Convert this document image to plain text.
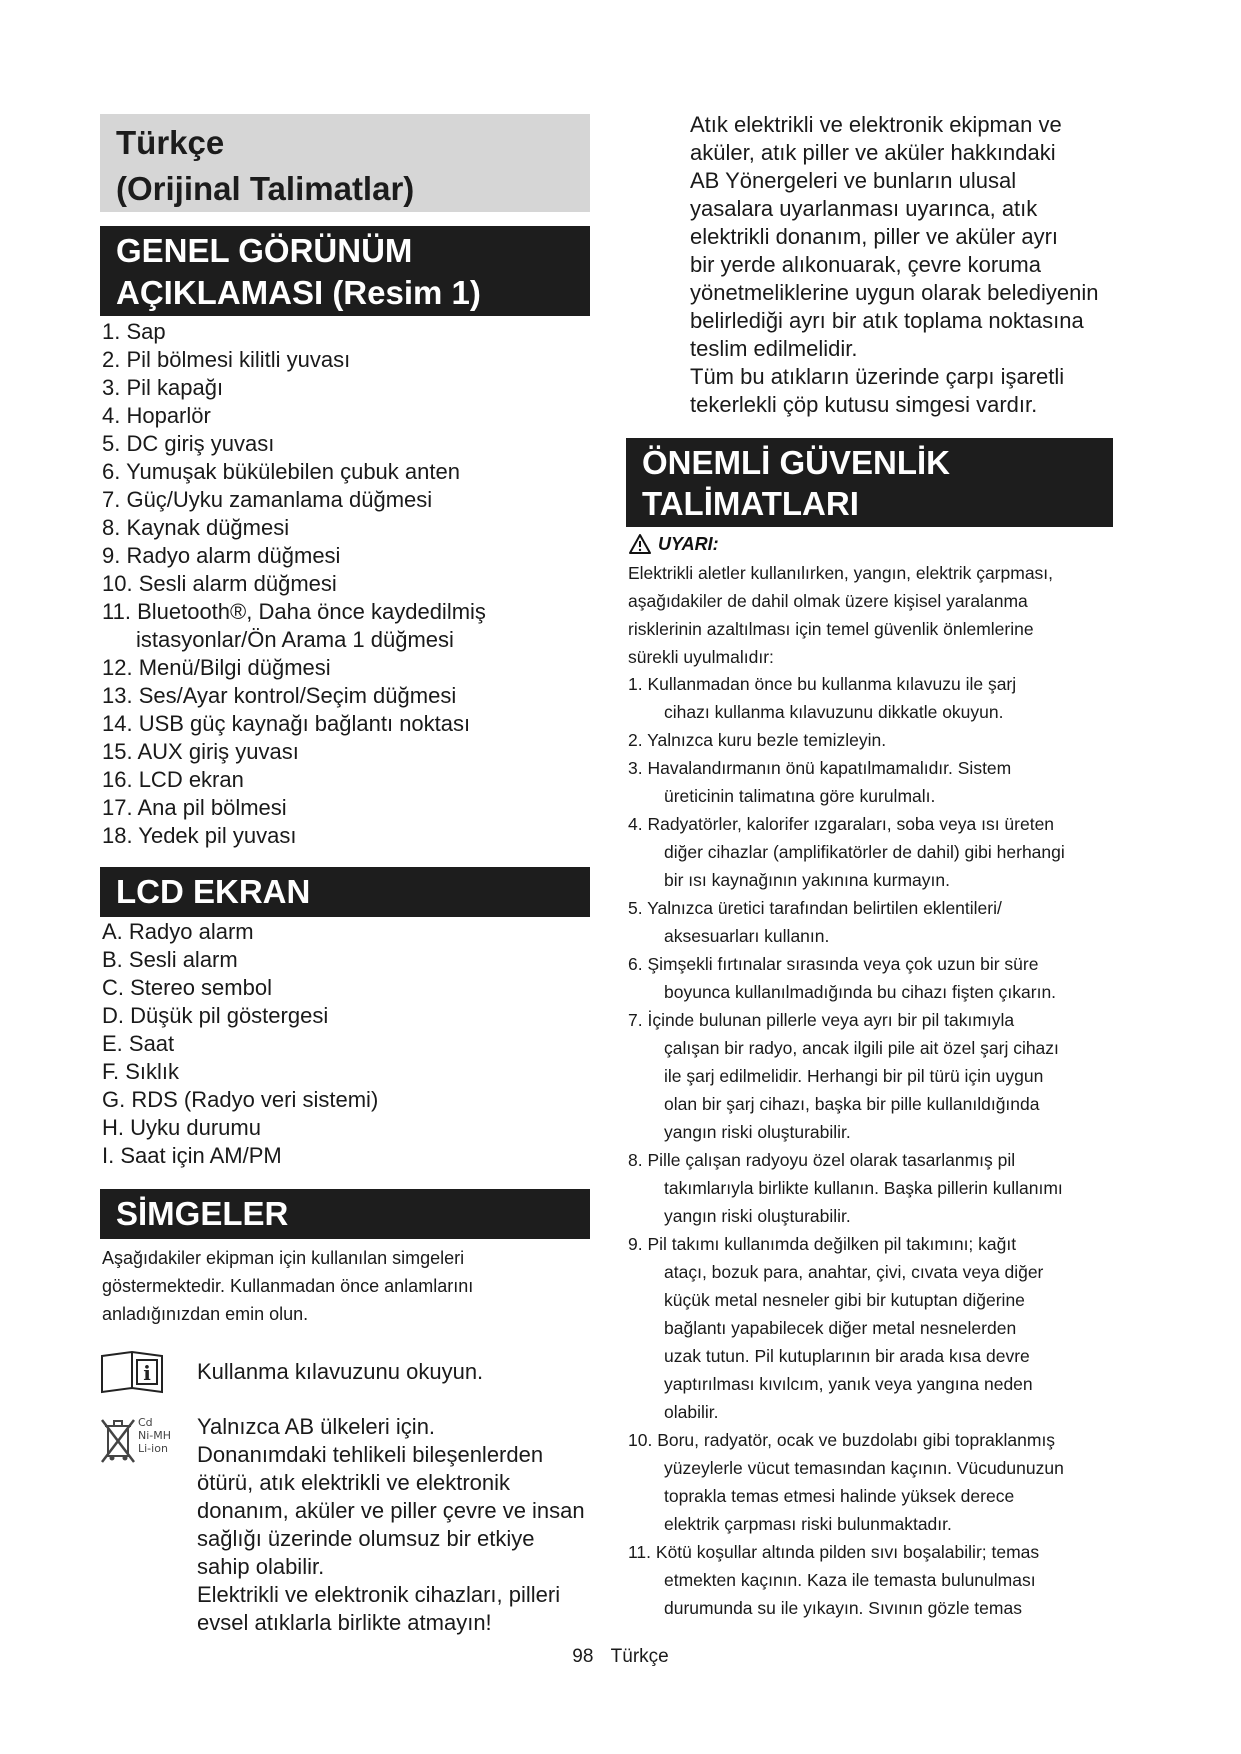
Türkçe
(Orijinal Talimatlar)
GENEL GÖRÜNÜM
AÇIKLAMASI (Resim 1)
1. Sap
2. Pil bölmesi kilitli yuvası
3. Pil kapağı
4. Hoparlör
5. DC giriş yuvası
6. Yumuşak bükülebilen çubuk anten
7. Güç/Uyku zamanlama düğmesi
8. Kaynak düğmesi
9. Radyo alarm düğmesi
10. Sesli alarm düğmesi
11. Bluetooth®, Daha önce kaydedilmiş
istasyonlar/Ön Arama 1 düğmesi
12. Menü/Bilgi düğmesi
13. Ses/Ayar kontrol/Seçim düğmesi
14. USB güç kaynağı bağlantı noktası
15. AUX giriş yuvası
16. LCD ekran
17. Ana pil bölmesi
18. Yedek pil yuvası
LCD EKRAN
A. Radyo alarm
B. Sesli alarm
C. Stereo sembol
D. Düşük pil göstergesi
E. Saat
F. Sıklık
G. RDS (Radyo veri sistemi)
H. Uyku durumu
I. Saat için AM/PM
SİMGELER
Aşağıdakiler ekipman için kullanılan simgeleri
göstermektedir. Kullanmadan önce anlamlarını
anladığınızdan emin olun.
i Kullanma kılavuzunu okuyun.
Cd
Ni-MH
Li-ion
Yalnızca AB ülkeleri için.
Donanımdaki tehlikeli bileşenlerden
ötürü, atık elektrikli ve elektronik
donanım, aküler ve piller çevre ve insan
sağlığı üzerinde olumsuz bir etkiye
sahip olabilir.
Elektrikli ve elektronik cihazları, pilleri
evsel atıklarla birlikte atmayın!
Atık elektrikli ve elektronik ekipman ve
aküler, atık piller ve aküler hakkındaki
AB Yönergeleri ve bunların ulusal
yasalara uyarlanması uyarınca, atık
elektrikli donanım, piller ve aküler ayrı
bir yerde alıkonuarak, çevre koruma
yönetmeliklerine uygun olarak belediyenin
belirlediği ayrı bir atık toplama noktasına
teslim edilmelidir.
Tüm bu atıkların üzerinde çarpı işaretli
tekerlekli çöp kutusu simgesi vardır.
ÖNEMLİ GÜVENLİK
TALİMATLARI
UYARI:
Elektrikli aletler kullanılırken, yangın, elektrik çarpması,
aşağıdakiler de dahil olmak üzere kişisel yaralanma
risklerinin azaltılması için temel güvenlik önlemlerine
sürekli uyulmalıdır:
1. Kullanmadan önce bu kullanma kılavuzu ile şarj
cihazı kullanma kılavuzunu dikkatle okuyun.
2. Yalnızca kuru bezle temizleyin.
3. Havalandırmanın önü kapatılmamalıdır. Sistem
üreticinin talimatına göre kurulmalı.
4. Radyatörler, kalorifer ızgaraları, soba veya ısı üreten
diğer cihazlar (amplifikatörler de dahil) gibi herhangi
bir ısı kaynağının yakınına kurmayın.
5. Yalnızca üretici tarafından belirtilen eklentileri/
aksesuarları kullanın.
6. Şimşekli fırtınalar sırasında veya çok uzun bir süre
boyunca kullanılmadığında bu cihazı fişten çıkarın.
7. İçinde bulunan pillerle veya ayrı bir pil takımıyla
çalışan bir radyo, ancak ilgili pile ait özel şarj cihazı
ile şarj edilmelidir. Herhangi bir pil türü için uygun
olan bir şarj cihazı, başka bir pille kullanıldığında
yangın riski oluşturabilir.
8. Pille çalışan radyoyu özel olarak tasarlanmış pil
takımlarıyla birlikte kullanın. Başka pillerin kullanımı
yangın riski oluşturabilir.
9. Pil takımı kullanımda değilken pil takımını; kağıt
ataçı, bozuk para, anahtar, çivi, cıvata veya diğer
küçük metal nesneler gibi bir kutuptan diğerine
bağlantı yapabilecek diğer metal nesnelerden
uzak tutun. Pil kutuplarının bir arada kısa devre
yaptırılması kıvılcım, yanık veya yangına neden
olabilir.
10. Boru, radyatör, ocak ve buzdolabı gibi topraklanmış
yüzeylerle vücut temasından kaçının. Vücudunuzun
toprakla temas etmesi halinde yüksek derece
elektrik çarpması riski bulunmaktadır.
11. Kötü koşullar altında pilden sıvı boşalabilir; temas
etmekten kaçının. Kaza ile temasta bulunulması
durumunda su ile yıkayın. Sıvının gözle temas
98 Türkçe
